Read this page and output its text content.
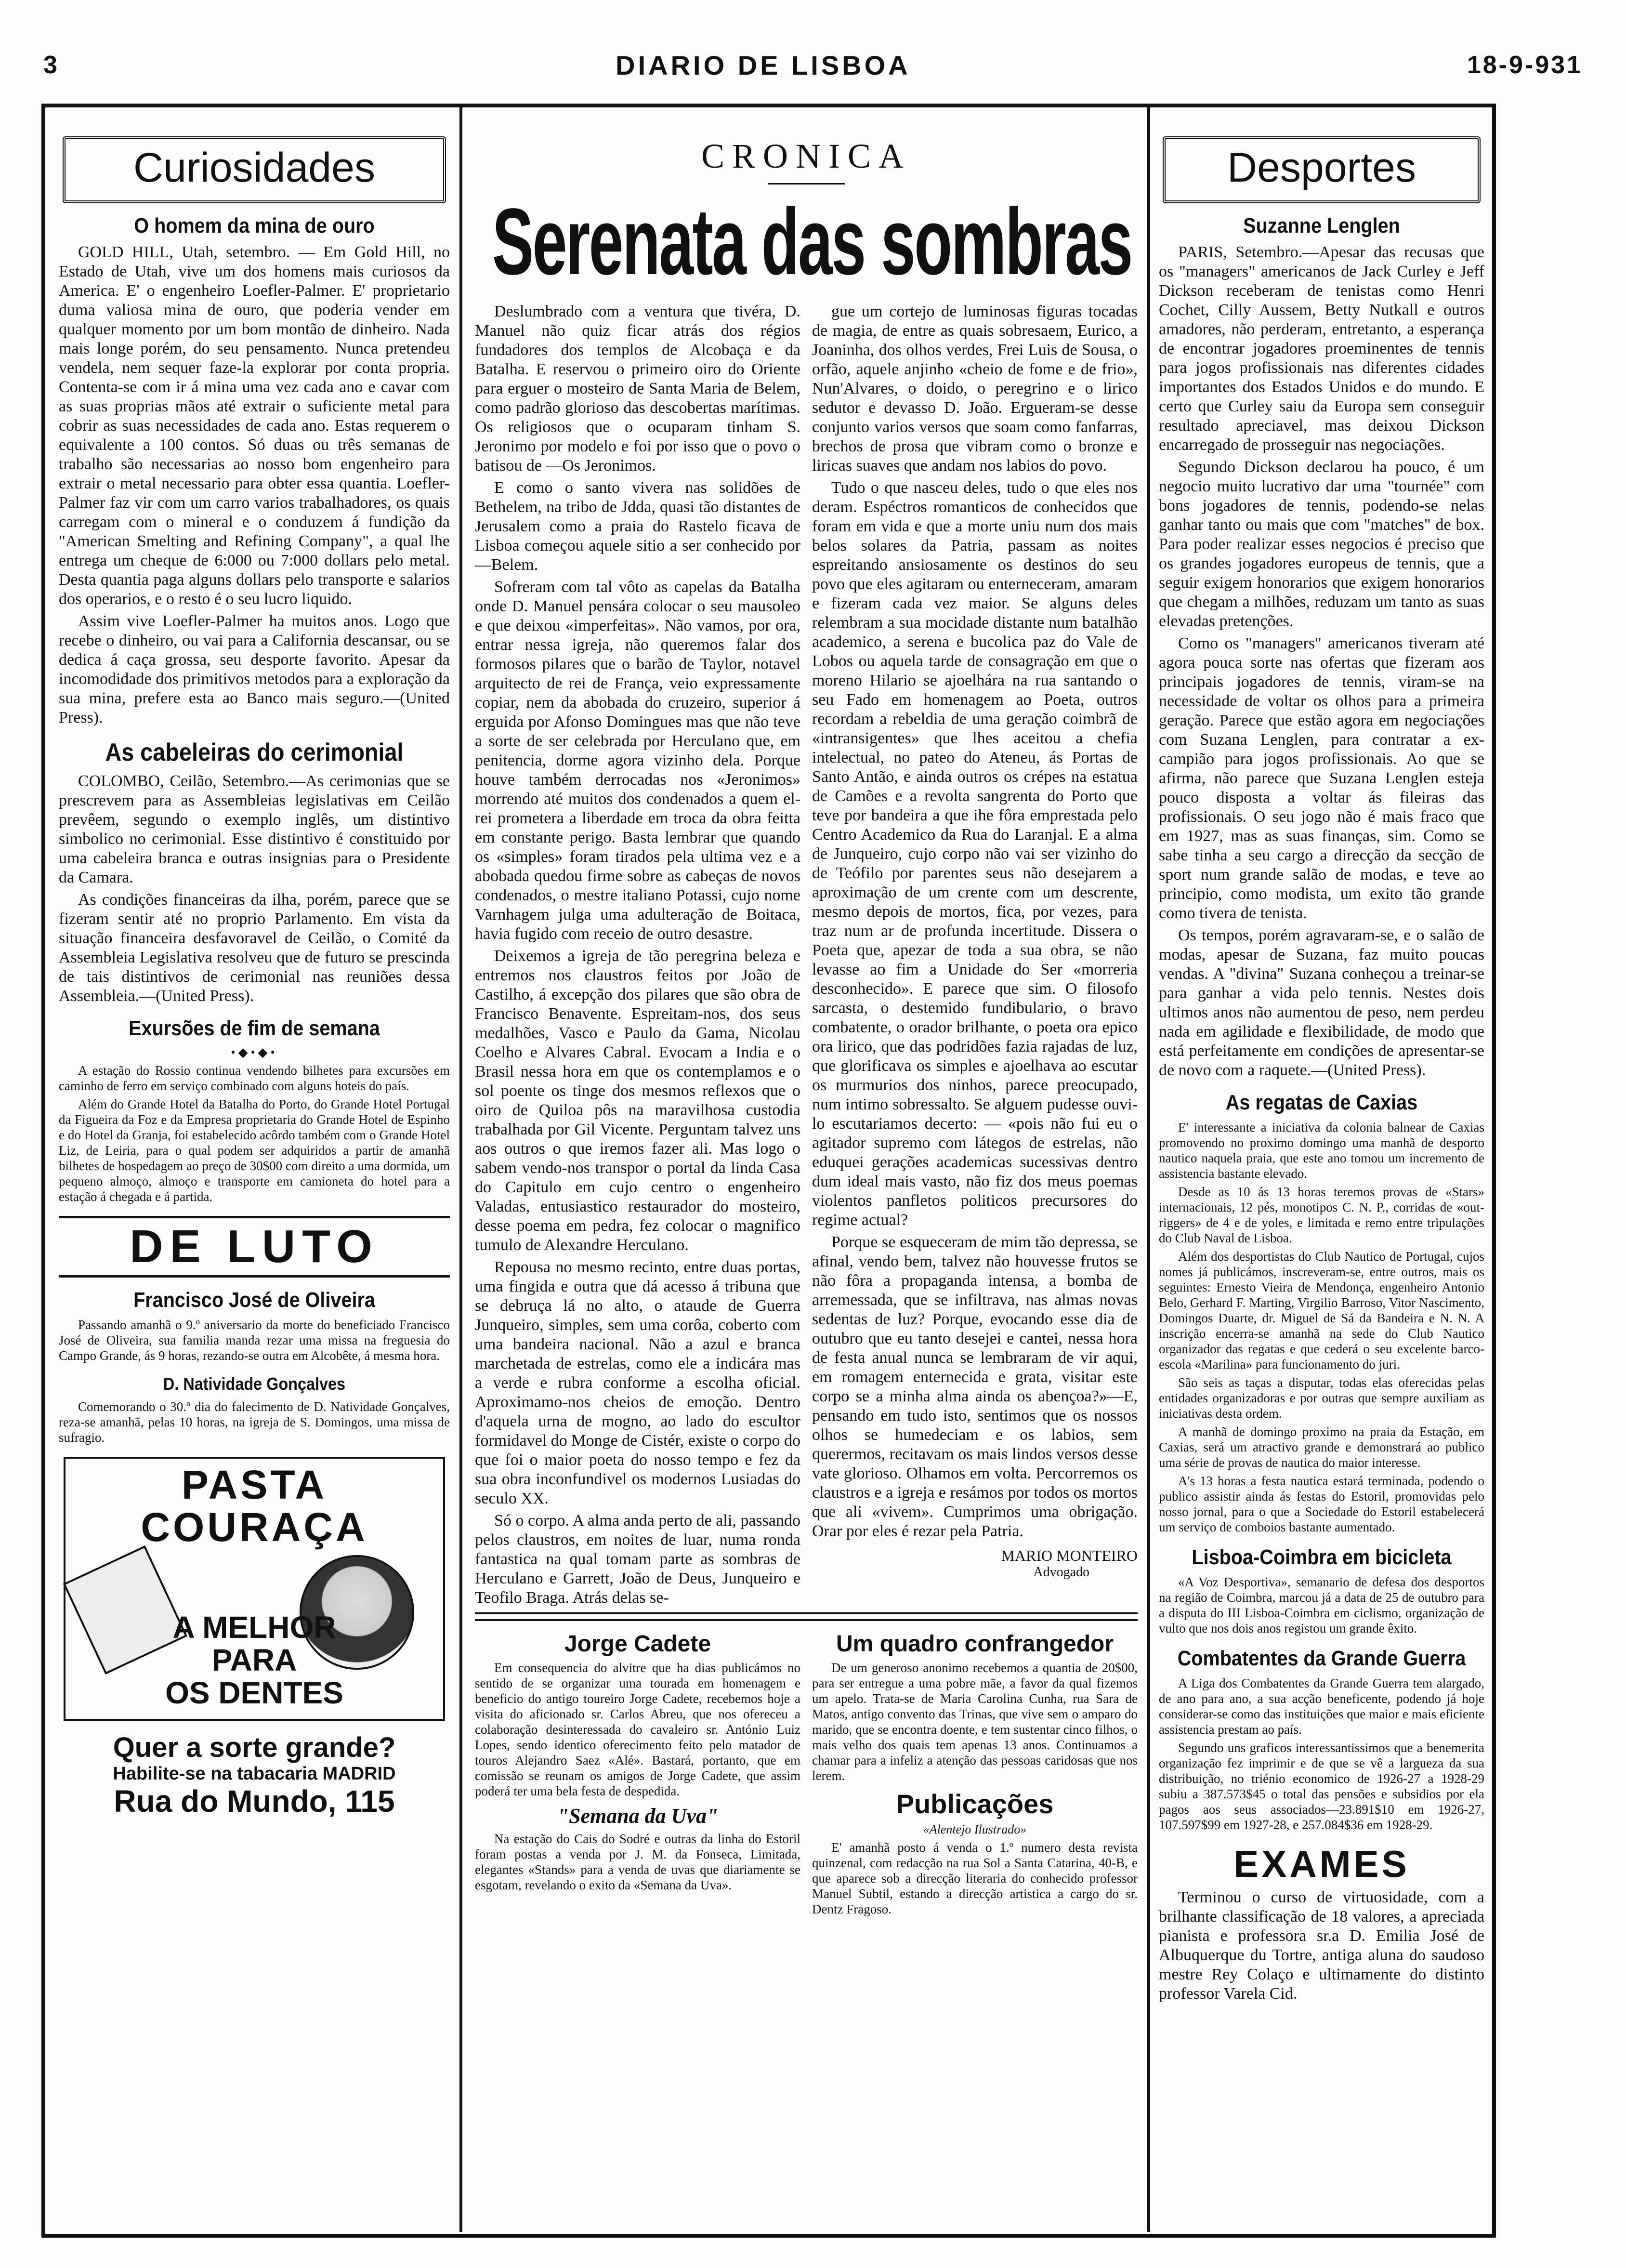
3	DIARIO DE LISBOA	18-9-931
Curiosidades
O homem da mina de ouro

GOLD HILL, Utah, setembro. — Em Gold Hill, no Estado de Utah, vive um dos homens mais curiosos da America. E' o engenheiro Loefler-Palmer. E' proprietario duma valiosa mina de ouro, que poderia vender em qualquer momento por um bom montão de dinheiro. Nada mais longe porém, do seu pensamento. Nunca pretendeu vendela, nem sequer faze-la explorar por conta propria. Contenta-se com ir á mina uma vez cada ano e cavar com as suas proprias mãos até extrair o suficiente metal para cobrir as suas necessidades de cada ano. Estas requerem o equivalente a 100 contos. Só duas ou três semanas de trabalho são necessarias ao nosso bom engenheiro para extrair o metal necessario para obter essa quantia. Loefler-Palmer faz vir com um carro varios trabalhadores, os quais carregam com o mineral e o conduzem á fundição da "American Smelting and Refining Company", a qual lhe entrega um cheque de 6:000 ou 7:000 dollars pelo metal. Desta quantia paga alguns dollars pelo transporte e salarios dos operarios, e o resto é o seu lucro liquido.

Assim vive Loefler-Palmer ha muitos anos. Logo que recebe o dinheiro, ou vai para a California descansar, ou se dedica á caça grossa, seu desporte favorito. Apesar da incomodidade dos primitivos metodos para a exploração da sua mina, prefere esta ao Banco mais seguro.—(United Press).

As cabeleiras do cerimonial

COLOMBO, Ceilão, Setembro.—As cerimonias que se prescrevem para as Assembleias legislativas em Ceilão prevêem, segundo o exemplo inglês, um distintivo simbolico no cerimonial. Esse distintivo é constituido por uma cabeleira branca e outras insignias para o Presidente da Camara.

As condições financeiras da ilha, porém, parece que se fizeram sentir até no proprio Parlamento. Em vista da situação financeira desfavoravel de Ceilão, o Comité da Assembleia Legislativa resolveu que de futuro se prescinda de tais distintivos de cerimonial nas reuniões dessa Assembleia.—(United Press).

Exursões de fim de semana
•◆•◆•

A estação do Rossio continua vendendo bilhetes para excursões em caminho de ferro em serviço combinado com alguns hoteis do país.

Além do Grande Hotel da Batalha do Porto, do Grande Hotel Portugal da Figueira da Foz e da Empresa proprietaria do Grande Hotel de Espinho e do Hotel da Granja, foi estabelecido acôrdo também com o Grande Hotel Liz, de Leiria, para o qual podem ser adquiridos a partir de amanhã bilhetes de hospedagem ao preço de 30$00 com direito a uma dormida, um pequeno almoço, almoço e transporte em camioneta do hotel para a estação á chegada e á partida.

DE LUTO
Francisco José de Oliveira

Passando amanhã o 9.º aniversario da morte do beneficiado Francisco José de Oliveira, sua familia manda rezar uma missa na freguesia do Campo Grande, ás 9 horas, rezando-se outra em Alcobête, á mesma hora.

D. Natividade Gonçalves

Comemorando o 30.º dia do falecimento de D. Natividade Gonçalves, reza-se amanhã, pelas 10 horas, na igreja de S. Domingos, uma missa de sufragio.

PASTA
COURAÇA
A MELHOR
PARA
OS DENTES
Quer a sorte grande?
Habilite-se na tabacaria MADRID
Rua do Mundo, 115
CRONICA
Serenata das sombras

Deslumbrado com a ventura que tivéra, D. Manuel não quiz ficar atrás dos régios fundadores dos templos de Alcobaça e da Batalha. E reservou o primeiro oiro do Oriente para erguer o mosteiro de Santa Maria de Belem, como padrão glorioso das descobertas marítimas. Os religiosos que o ocuparam tinham S. Jeronimo por modelo e foi por isso que o povo o batisou de —Os Jeronimos.

E como o santo vivera nas solidões de Bethelem, na tribo de Jdda, quasi tão distantes de Jerusalem como a praia do Rastelo ficava de Lisboa começou aquele sitio a ser conhecido por —Belem.

Sofreram com tal vôto as capelas da Batalha onde D. Manuel pensára colocar o seu mausoleo e que deixou «imperfeitas». Não vamos, por ora, entrar nessa igreja, não queremos falar dos formosos pilares que o barão de Taylor, notavel arquitecto de rei de França, veio expressamente copiar, nem da abobada do cruzeiro, superior á erguida por Afonso Domingues mas que não teve a sorte de ser celebrada por Herculano que, em penitencia, dorme agora vizinho dela. Porque houve também derrocadas nos «Jeronimos» morrendo até muitos dos condenados a quem el-rei prometera a liberdade em troca da obra feitta em constante perigo. Basta lembrar que quando os «simples» foram tirados pela ultima vez e a abobada quedou firme sobre as cabeças de novos condenados, o mestre italiano Potassi, cujo nome Varnhagem julga uma adulteração de Boitaca, havia fugido com receio de outro desastre.

Deixemos a igreja de tão peregrina beleza e entremos nos claustros feitos por João de Castilho, á excepção dos pilares que são obra de Francisco Benavente. Espreitam-nos, dos seus medalhões, Vasco e Paulo da Gama, Nicolau Coelho e Alvares Cabral. Evocam a India e o Brasil nessa hora em que os contemplamos e o sol poente os tinge dos mesmos reflexos que o oiro de Quiloa pôs na maravilhosa custodia trabalhada por Gil Vicente. Perguntam talvez uns aos outros o que iremos fazer ali. Mas logo o sabem vendo-nos transpor o portal da linda Casa do Capitulo em cujo centro o engenheiro Valadas, entusiastico restaurador do mosteiro, desse poema em pedra, fez colocar o magnifico tumulo de Alexandre Herculano.

Repousa no mesmo recinto, entre duas portas, uma fingida e outra que dá acesso á tribuna que se debruça lá no alto, o ataude de Guerra Junqueiro, simples, sem uma corôa, coberto com uma bandeira nacional. Não a azul e branca marchetada de estrelas, como ele a indicára mas a verde e rubra conforme a escolha oficial. Aproximamo-nos cheios de emoção. Dentro d'aquela urna de mogno, ao lado do escultor formidavel do Monge de Cistér, existe o corpo do que foi o maior poeta do nosso tempo e fez da sua obra inconfundivel os modernos Lusiadas do seculo XX.

Só o corpo. A alma anda perto de ali, passando pelos claustros, em noites de luar, numa ronda fantastica na qual tomam parte as sombras de Herculano e Garrett, João de Deus, Junqueiro e Teofilo Braga. Atrás delas se-

gue um cortejo de luminosas figuras tocadas de magia, de entre as quais sobresaem, Eurico, a Joaninha, dos olhos verdes, Frei Luis de Sousa, o orfão, aquele anjinho «cheio de fome e de frio», Nun'Alvares, o doido, o peregrino e o lirico sedutor e devasso D. João. Ergueram-se desse conjunto varios versos que soam como fanfarras, brechos de prosa que vibram como o bronze e liricas suaves que andam nos labios do povo.

Tudo o que nasceu deles, tudo o que eles nos deram. Espéctros romanticos de conhecidos que foram em vida e que a morte uniu num dos mais belos solares da Patria, passam as noites espreitando ansiosamente os destinos do seu povo que eles agitaram ou enterneceram, amaram e fizeram cada vez maior. Se alguns deles relembram a sua mocidade distante num batalhão academico, a serena e bucolica paz do Vale de Lobos ou aquela tarde de consagração em que o moreno Hilario se ajoelhára na rua santando o seu Fado em homenagem ao Poeta, outros recordam a rebeldia de uma geração coimbrã de «intransigentes» que lhes aceitou a chefia intelectual, no pateo do Ateneu, ás Portas de Santo Antão, e ainda outros os crépes na estatua de Camões e a revolta sangrenta do Porto que teve por bandeira a que ihe fôra emprestada pelo Centro Academico da Rua do Laranjal. E a alma de Junqueiro, cujo corpo não vai ser vizinho do de Teófilo por parentes seus não desejarem a aproximação de um crente com um descrente, mesmo depois de mortos, fica, por vezes, para traz num ar de profunda incertitude. Dissera o Poeta que, apezar de toda a sua obra, se não levasse ao fim a Unidade do Ser «morreria desconhecido». E parece que sim. O filosofo sarcasta, o destemido fundibulario, o bravo combatente, o orador brilhante, o poeta ora epico ora lirico, que das podridões fazia rajadas de luz, que glorificava os simples e ajoelhava ao escutar os murmurios dos ninhos, parece preocupado, num intimo sobressalto. Se alguem pudesse ouvi-lo escutariamos decerto: — «pois não fui eu o agitador supremo com látegos de estrelas, não eduquei gerações academicas sucessivas dentro dum ideal mais vasto, não fiz dos meus poemas violentos panfletos politicos precursores do regime actual?

Porque se esqueceram de mim tão depressa, se afinal, vendo bem, talvez não houvesse frutos se não fôra a propaganda intensa, a bomba de arremessada, que se infiltrava, nas almas novas sedentas de luz? Porque, evocando esse dia de outubro que eu tanto desejei e cantei, nessa hora de festa anual nunca se lembraram de vir aqui, em romagem enternecida e grata, visitar este corpo se a minha alma ainda os abençoa?»—E, pensando em tudo isto, sentimos que os nossos olhos se humedeciam e os labios, sem querermos, recitavam os mais lindos versos desse vate glorioso. Olhamos em volta. Percorremos os claustros e a igreja e resámos por todos os mortos que ali «vivem». Cumprimos uma obrigação. Orar por eles é rezar pela Patria.

MARIO MONTEIRO
Advogado
Jorge Cadete

Em consequencia do alvitre que ha dias publicámos no sentido de se organizar uma tourada em homenagem e beneficio do antigo toureiro Jorge Cadete, recebemos hoje a visita do aficionado sr. Carlos Abreu, que nos ofereceu a colaboração desinteressada do cavaleiro sr. António Luiz Lopes, sendo identico oferecimento feito pelo matador de touros Alejandro Saez «Alé». Bastará, portanto, que em comissão se reunam os amigos de Jorge Cadete, que assim poderá ter uma bela festa de despedida.

"Semana da Uva"

Na estação do Cais do Sodré e outras da linha do Estoril foram postas a venda por J. M. da Fonseca, Limitada, elegantes «Stands» para a venda de uvas que diariamente se esgotam, revelando o exito da «Semana da Uva».

Um quadro confrangedor

De um generoso anonimo recebemos a quantia de 20$00, para ser entregue a uma pobre mãe, a favor da qual fizemos um apelo. Trata-se de Maria Carolina Cunha, rua Sara de Matos, antigo convento das Trinas, que vive sem o amparo do marido, que se encontra doente, e tem sustentar cinco filhos, o mais velho dos quais tem apenas 13 anos. Continuamos a chamar para a infeliz a atenção das pessoas caridosas que nos lerem.

Publicações
«Alentejo Ilustrado»

E' amanhã posto á venda o 1.º numero desta revista quinzenal, com redacção na rua Sol a Santa Catarina, 40-B, e que aparece sob a direcção literaria do conhecido professor Manuel Subtil, estando a direcção artistica a cargo do sr. Dentz Fragoso.

Desportes
Suzanne Lenglen

PARIS, Setembro.—Apesar das recusas que os "managers" americanos de Jack Curley e Jeff Dickson receberam de tenistas como Henri Cochet, Cilly Aussem, Betty Nutkall e outros amadores, não perderam, entretanto, a esperança de encontrar jogadores proeminentes de tennis para jogos profissionais nas diferentes cidades importantes dos Estados Unidos e do mundo. E certo que Curley saiu da Europa sem conseguir resultado apreciavel, mas deixou Dickson encarregado de prosseguir nas negociações.

Segundo Dickson declarou ha pouco, é um negocio muito lucrativo dar uma "tournée" com bons jogadores de tennis, podendo-se nelas ganhar tanto ou mais que com "matches" de box. Para poder realizar esses negocios é preciso que os grandes jogadores europeus de tennis, que a seguir exigem honorarios que exigem honorarios que chegam a milhões, reduzam um tanto as suas elevadas pretenções.

Como os "managers" americanos tiveram até agora pouca sorte nas ofertas que fizeram aos principais jogadores de tennis, viram-se na necessidade de voltar os olhos para a primeira geração. Parece que estão agora em negociações com Suzana Lenglen, para contratar a ex-campião para jogos profissionais. Ao que se afirma, não parece que Suzana Lenglen esteja pouco disposta a voltar ás fileiras das profissionais. O seu jogo não é mais fraco que em 1927, mas as suas finanças, sim. Como se sabe tinha a seu cargo a direcção da secção de sport num grande salão de modas, e teve ao principio, como modista, um exito tão grande como tivera de tenista.

Os tempos, porém agravaram-se, e o salão de modas, apesar de Suzana, faz muito poucas vendas. A "divina" Suzana conheçou a treinar-se para ganhar a vida pelo tennis. Nestes dois ultimos anos não aumentou de peso, nem perdeu nada em agilidade e flexibilidade, de modo que está perfeitamente em condições de apresentar-se de novo com a raquete.—(United Press).

As regatas de Caxias

E' interessante a iniciativa da colonia balnear de Caxias promovendo no proximo domingo uma manhã de desporto nautico naquela praia, que este ano tomou um incremento de assistencia bastante elevado.

Desde as 10 ás 13 horas teremos provas de «Stars» internacionais, 12 pés, monotipos C. N. P., corridas de «out-riggers» de 4 e de yoles, e limitada e remo entre tripulações do Club Naval de Lisboa.

Além dos desportistas do Club Nautico de Portugal, cujos nomes já publicámos, inscreveram-se, entre outros, mais os seguintes: Ernesto Vieira de Mendonça, engenheiro Antonio Belo, Gerhard F. Marting, Virgilio Barroso, Vitor Nascimento, Domingos Duarte, dr. Miguel de Sá da Bandeira e N. N. A inscrição encerra-se amanhã na sede do Club Nautico organizador das regatas e que cederá o seu excelente barco-escola «Marilina» para funcionamento do juri.

São seis as taças a disputar, todas elas oferecidas pelas entidades organizadoras e por outras que sempre auxiliam as iniciativas desta ordem.

A manhã de domingo proximo na praia da Estação, em Caxias, será um atractivo grande e demonstrará ao publico uma série de provas de nautica do maior interesse.

A's 13 horas a festa nautica estará terminada, podendo o publico assistir ainda ás festas do Estoril, promovidas pelo nosso jornal, para o que a Sociedade do Estoril estabelecerá um serviço de comboios bastante aumentado.

Lisboa-Coimbra em bicicleta

«A Voz Desportiva», semanario de defesa dos desportos na região de Coimbra, marcou já a data de 25 de outubro para a disputa do III Lisboa-Coimbra em ciclismo, organização de vulto que nos dois anos registou um grande êxito.

Combatentes da Grande Guerra

A Liga dos Combatentes da Grande Guerra tem alargado, de ano para ano, a sua acção beneficente, podendo já hoje considerar-se como das instituições que maior e mais eficiente assistencia prestam ao país.

Segundo uns graficos interessantissimos que a benemerita organização fez imprimir e de que se vê a largueza da sua distribuição, no triénio economico de 1926-27 a 1928-29 subiu a 387.573$45 o total das pensões e subsidios por ela pagos aos seus associados—23.891$10 em 1926-27, 107.597$99 em 1927-28, e 257.084$36 em 1928-29.

EXAMES

Terminou o curso de virtuosidade, com a brilhante classificação de 18 valores, a apreciada pianista e professora sr.a D. Emilia José de Albuquerque du Tortre, antiga aluna do saudoso mestre Rey Colaço e ultimamente do distinto professor Varela Cid.
